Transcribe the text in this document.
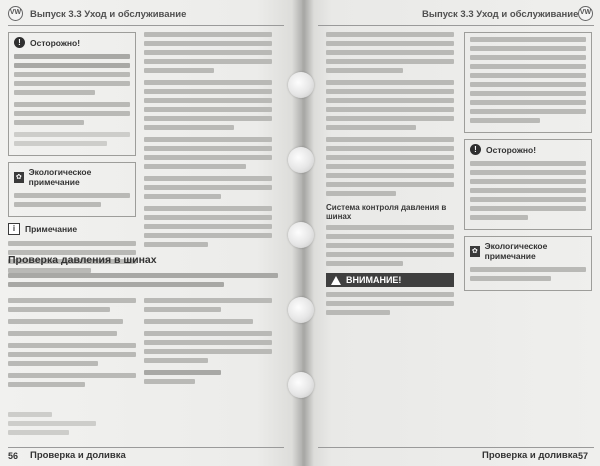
VW Выпуск 3.3 Уход и обслуживание
!	Осторожно!
✿ Экологическое примечание
i	Примечание
Проверка давления в шинах
56 Проверка и доливка
Выпуск 3.3 Уход и обслуживание VW
Система контроля давления в шинах
ВНИМАНИЕ!
!	Осторожно!
✿ Экологическое примечание
Проверка и доливка 57
